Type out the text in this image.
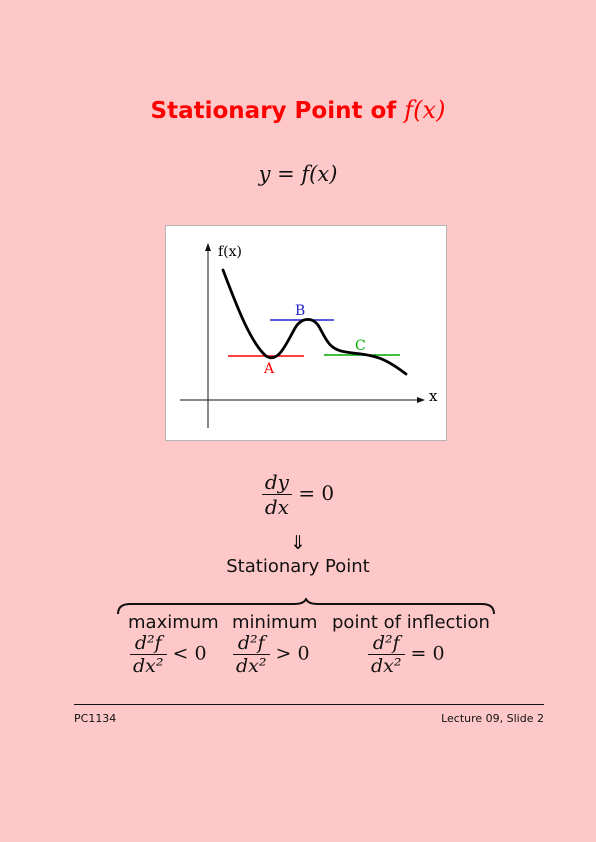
Stationary Point of f(x)
y = f(x)
f(x)
x
A
B
C
$\frac{dy}{dx} = 0$
⇓
Stationary Point
maximum minimum point of inflection
$\frac{\text{d²f}}{\text{dx²}} < 0 \frac{\text{d²f}}{\text{dx²}} > 0$	$\frac{\text{d²f}}{\text{dx²}} = 0$
PC1134	Lecture 09, Slide 2
